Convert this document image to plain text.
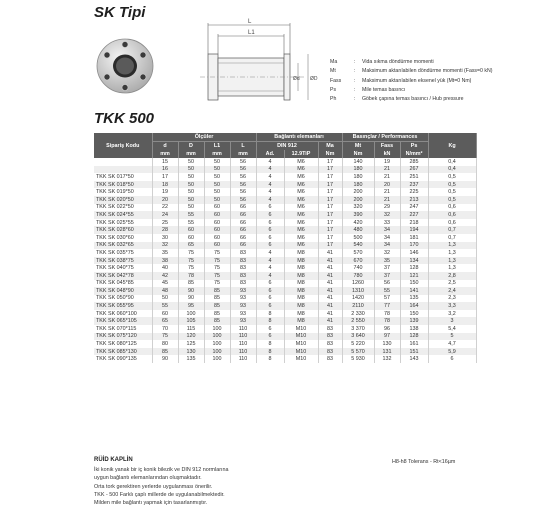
SK Tipi
L
L1
Ød ØD
Ma	:	Vida sıkma döndürme momenti
Mt	:	Maksimum aktarılabilen döndürme momenti (Fass=0 kN)
Fass	:	Maksimum aktarılabilen eksenel yük (Mt=0 Nm)
Ps	:	Mile temas basıncı
Ph	:	Göbek çapına temas basıncı / Hub pressure
TKK 500
Sipariş Kodu	Ölçüler				Bağlantı elemanları			Basınçlar / Performances			Kg
	d	D	L1	L	DIN 912		Ma	Mt	Fass	Ps	
	mm	mm	mm	mm	Ad.	12.9TiP	Nm	Nm	kN	N/mm²	
	15	50	50	56	4	M6	17	140	19	285	0,4
	16	50	50	56	4	M6	17	180	21	267	0,4
TKK SK 017*50	17	50	50	56	4	M6	17	180	21	251	0,5
TKK SK 018*50	18	50	50	56	4	M6	17	180	20	237	0,5
TKK SK 019*50	19	50	50	56	4	M6	17	200	21	225	0,5
TKK SK 020*50	20	50	50	56	4	M6	17	200	21	213	0,5
TKK SK 022*50	22	50	60	66	6	M6	17	320	29	247	0,6
TKK SK 024*55	24	55	60	66	6	M6	17	390	32	227	0,6
TKK SK 025*55	25	55	60	66	6	M6	17	420	33	218	0,6
TKK SK 028*60	28	60	60	66	6	M6	17	480	34	194	0,7
TKK SK 030*60	30	60	60	66	6	M6	17	500	34	181	0,7
TKK SK 032*65	32	65	60	66	6	M6	17	540	34	170	1,3
TKK SK 035*75	35	75	75	83	4	M8	41	570	32	146	1,3
TKK SK 038*75	38	75	75	83	4	M8	41	670	35	134	1,3
TKK SK 040*75	40	75	75	83	4	M8	41	740	37	128	1,3
TKK SK 042*78	42	78	75	83	4	M8	41	780	37	121	2,8
TKK SK 045*85	45	85	75	83	6	M8	41	1260	56	150	2,5
TKK SK 048*90	48	90	85	93	6	M8	41	1310	55	141	2,4
TKK SK 050*90	50	90	85	93	6	M8	41	1420	57	135	2,3
TKK SK 055*95	55	95	85	93	6	M8	41	2110	77	164	3,3
TKK SK 060*100	60	100	85	93	8	M8	41	2 330	78	150	3,2
TKK SK 065*105	65	105	85	93	8	M8	41	2 550	78	139	3
TKK SK 070*115	70	115	100	110	6	M10	83	3 370	96	138	5,4
TKK SK 075*120	75	120	100	110	6	M10	83	3 640	97	128	5
TKK SK 080*125	80	125	100	110	8	M10	83	5 220	130	161	4,7
TKK SK 085*130	85	130	100	110	8	M10	83	5 570	131	151	5,9
TKK SK 090*135	90	135	100	110	8	M10	83	5 930	132	143	6
RÜİD KAPLİN
İki konik yanak bir iç konik bilezik ve DIN 912 normlarına
uygun bağlantı elemanlarından oluşmaktadır.
Orta tork gerektiren yerlerde uygulanması önerilir.
TKK - 500 Farklı çaplı millerde de uygulanabilmektedir.
Milden mile bağlantı yapmak için tasarlanmıştır.
H8-h8 Tolerans - Rt<16µm
